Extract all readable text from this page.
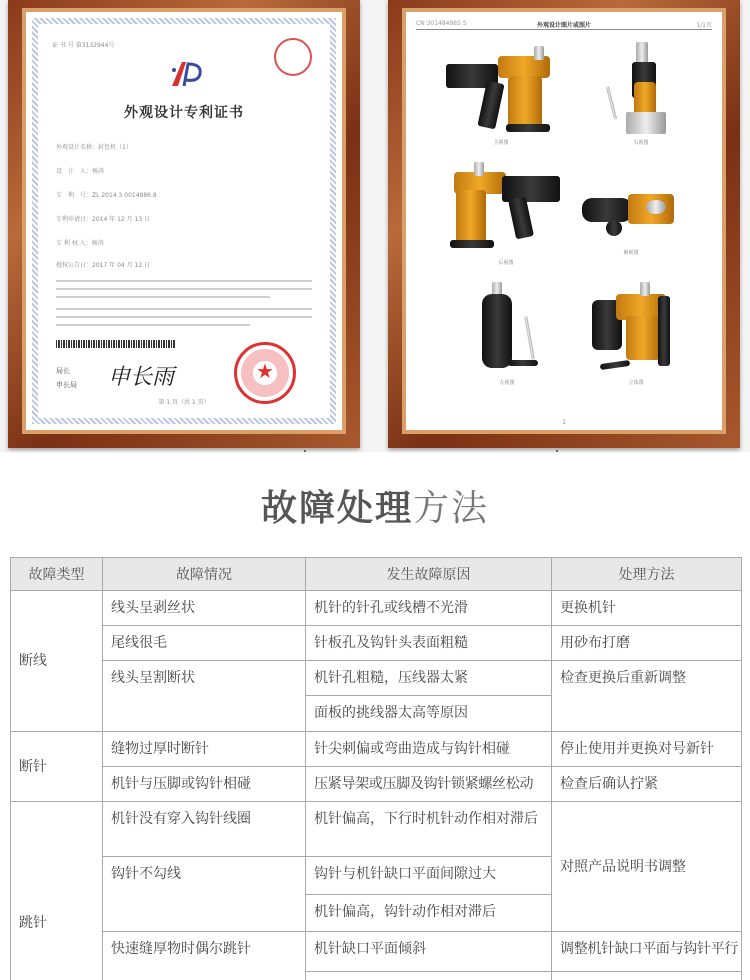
证 书 号 第3132944号
外观设计专利证书
外观设计名称：封包机（1）
设　计　人：杨涛
专　利　号：ZL 2014 3 0014986.8
专利申请日：2014 年 12 月 13 日
专 利 权 人：杨涛
授权公告日：2017 年 04 月 12 日
局长
申长局 申长雨
★
第 1 页（共 1 页）
CN 301484985 S	外观设计图片或照片	1/1页
主视图	右视图
后视图
俯视图
左视图	立体图
1
故障处理方法
故障类型	故障情况	发生故障原因	处理方法
断线	线头呈剥丝状	机针的针孔或线槽不光滑	更换机针
	尾线很毛	针板孔及钩针头表面粗糙	用砂布打磨
	线头呈割断状	机针孔粗糙，压线器太紧	检查更换后重新调整
		面板的挑线器太高等原因	
断针	缝物过厚时断针	针尖刺偏或弯曲造成与钩针相碰	停止使用并更换对号新针
	机针与压脚或钩针相碰	压紧导架或压脚及钩针锁紧螺丝松动	检查后确认拧紧
跳针	机针没有穿入钩针线圈	机针偏高，下行时机针动作相对滞后	对照产品说明书调整
	钩针不勾线	钩针与机针缺口平面间隙过大	
		机针偏高，钩针动作相对滞后	
	快速缝厚物时偶尔跳针	机针缺口平面倾斜	调整机针缺口平面与钩针平行
